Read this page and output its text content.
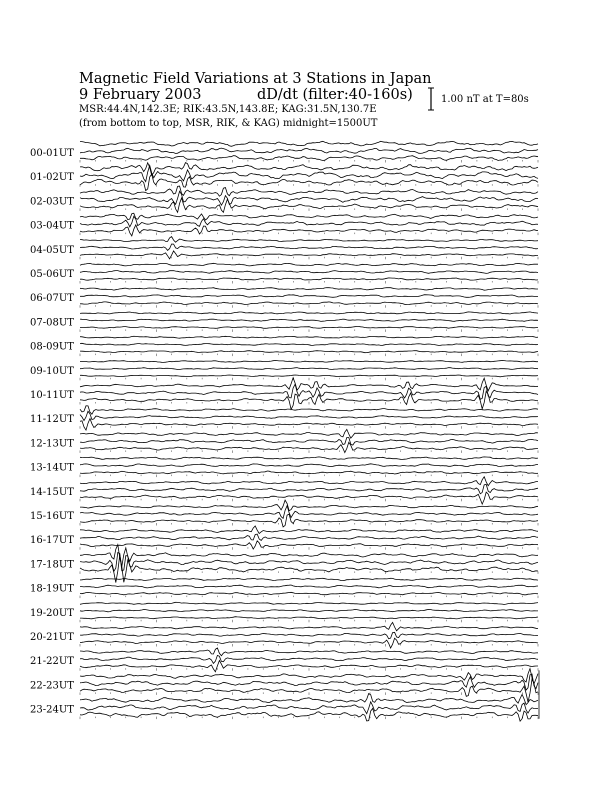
Magnetic Field Variations at 3 Stations in Japan
9 February 2003	dD/dt (filter:40-160s)
MSR:44.4N,142.3E; RIK:43.5N,143.8E; KAG:31.5N,130.7E
(from bottom to top, MSR, RIK, & KAG) midnight=1500UT
1.00 nT at T=80s
00-01UT
01-02UT
02-03UT
03-04UT
04-05UT
05-06UT
06-07UT
07-08UT
08-09UT
09-10UT
10-11UT
11-12UT
12-13UT
13-14UT
14-15UT
15-16UT
16-17UT
17-18UT
18-19UT
19-20UT
20-21UT
21-22UT
22-23UT
23-24UT
